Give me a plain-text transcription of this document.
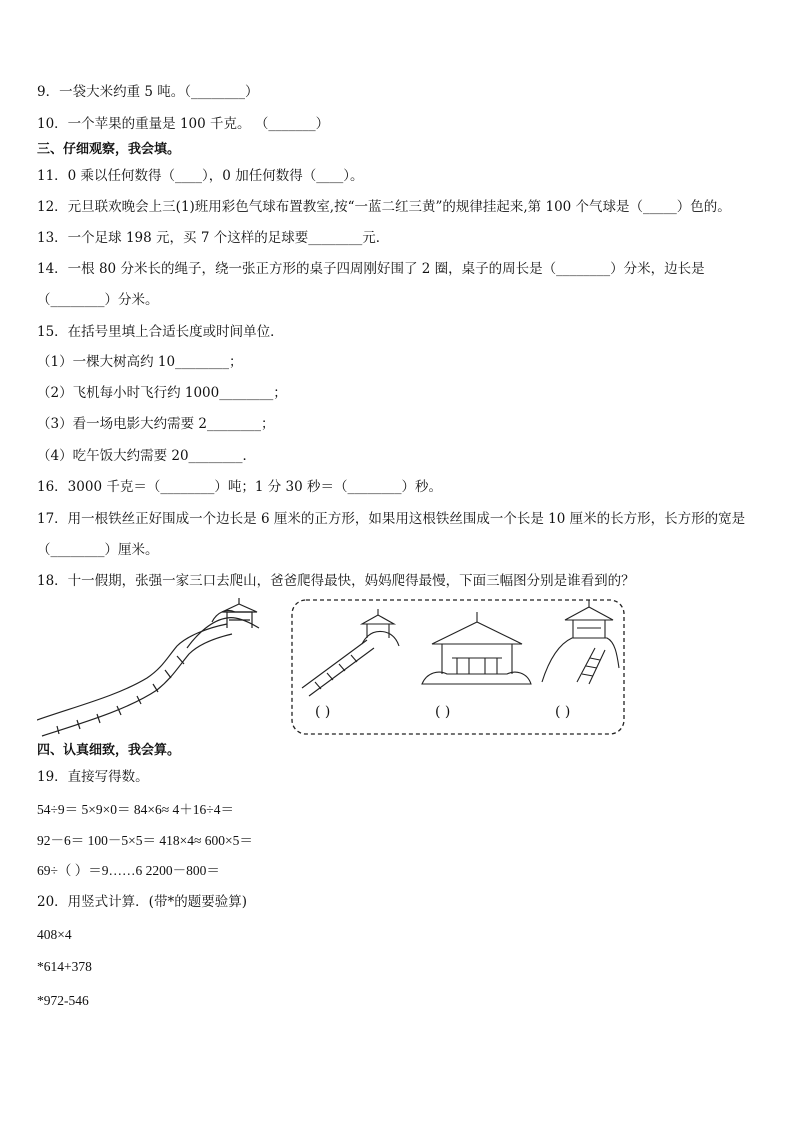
9．一袋大米约重 5 吨。（________）
10．一个苹果的重量是 100 千克。 （_______）
三、仔细观察，我会填。
11．0 乘以任何数得（____），0 加任何数得（____）。
12．元旦联欢晚会上三(1)班用彩色气球布置教室,按“一蓝二红三黄”的规律挂起来,第 100 个气球是（_____）色的。
13．一个足球 198 元，买 7 个这样的足球要________元．
14．一根 80 分米长的绳子，绕一张正方形的桌子四周刚好围了 2 圈，桌子的周长是（________）分米，边长是
（________）分米。
15．在括号里填上合适长度或时间单位．
（1）一棵大树高约 10________；
（2）飞机每小时飞行约 1000________；
（3）看一场电影大约需要 2________；
（4）吃午饭大约需要 20________．
16．3000 千克＝（________）吨；1 分 30 秒＝（________）秒。
17．用一根铁丝正好围成一个边长是 6 厘米的正方形，如果用这根铁丝围成一个长是 10 厘米的长方形，长方形的宽是
（________）厘米。
18．十一假期，张强一家三口去爬山，爸爸爬得最快，妈妈爬得最慢，下面三幅图分别是谁看到的？
( )	( )	( )
四、认真细致，我会算。
19．直接写得数。
54÷9＝ 5×9×0＝ 84×6≈ 4＋16÷4＝
92－6＝ 100－5×5＝ 418×4≈ 600×5＝
69÷（ ）＝9……6 2200－800＝
20．用竖式计算．(带*的题要验算)
408×4
*614+378
*972-546
